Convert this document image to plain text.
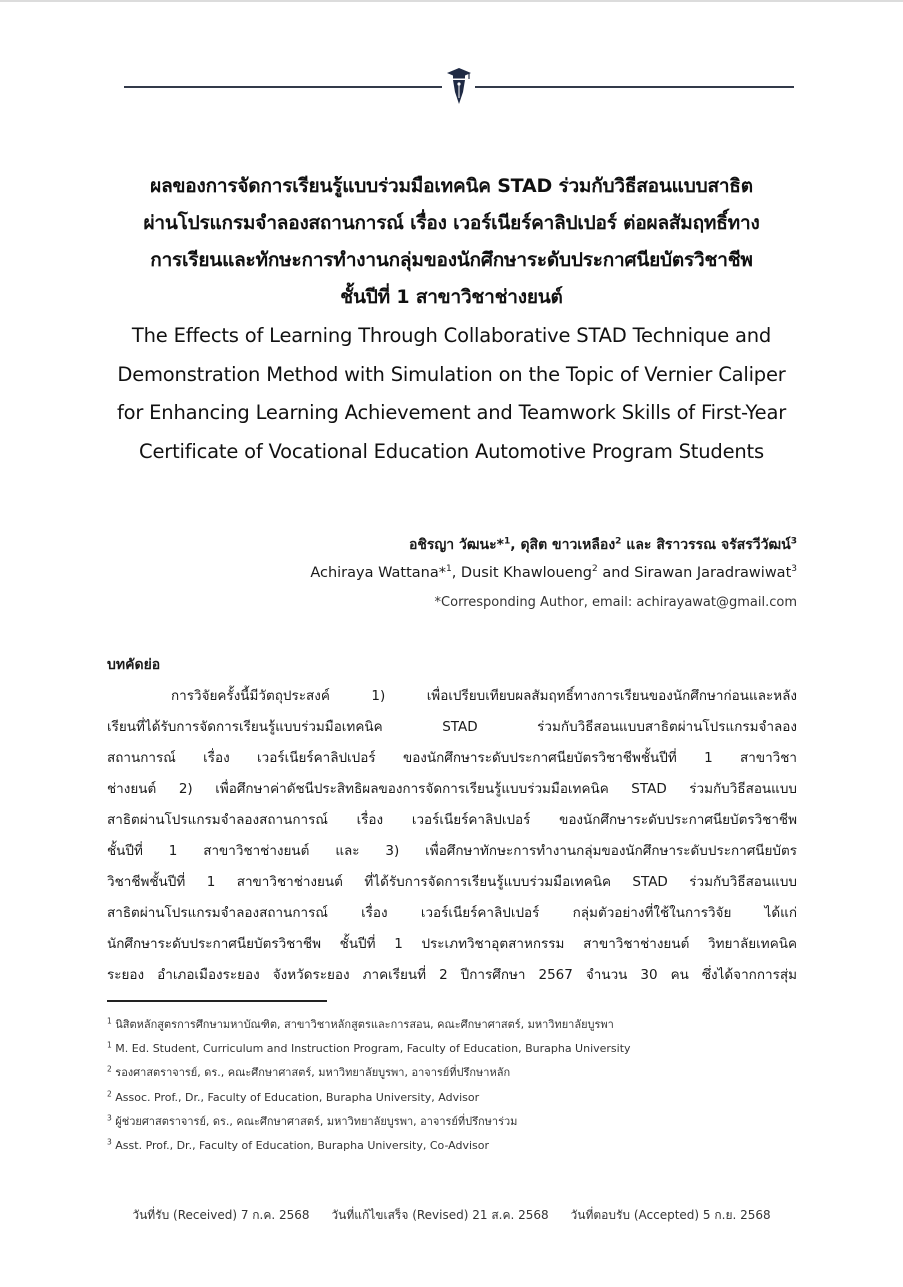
ผลของการจัดการเรียนรู้แบบร่วมมือเทคนิค STAD ร่วมกับวิธีสอนแบบสาธิต
ผ่านโปรแกรมจำลองสถานการณ์ เรื่อง เวอร์เนียร์คาลิปเปอร์ ต่อผลสัมฤทธิ์ทาง
การเรียนและทักษะการทำงานกลุ่มของนักศึกษาระดับประกาศนียบัตรวิชาชีพ
ชั้นปีที่ 1 สาขาวิชาช่างยนต์
The Effects of Learning Through Collaborative STAD Technique and
Demonstration Method with Simulation on the Topic of Vernier Caliper
for Enhancing Learning Achievement and Teamwork Skills of First-Year
Certificate of Vocational Education Automotive Program Students
อชิรญา วัฒนะ*$^1$, ดุสิต ขาวเหลือง$^2$ และ สิราวรรณ จรัสรวีวัฒน์$^3$
Achiraya Wattana*$^1$, Dusit Khawloueng$^2$ and Sirawan Jaradrawiwat$^3$
*Corresponding Author, email: achirayawat@gmail.com
บทคัดย่อ
การวิจัยครั้งนี้มีวัตถุประสงค์ 1) เพื่อเปรียบเทียบผลสัมฤทธิ์ทางการเรียนของนักศึกษาก่อนและหลัง
เรียนที่ได้รับการจัดการเรียนรู้แบบร่วมมือเทคนิค STAD ร่วมกับวิธีสอนแบบสาธิตผ่านโปรแกรมจำลอง
สถานการณ์ เรื่อง เวอร์เนียร์คาลิปเปอร์ ของนักศึกษาระดับประกาศนียบัตรวิชาชีพชั้นปีที่ 1 สาขาวิชา
ช่างยนต์ 2) เพื่อศึกษาค่าดัชนีประสิทธิผลของการจัดการเรียนรู้แบบร่วมมือเทคนิค STAD ร่วมกับวิธีสอนแบบ
สาธิตผ่านโปรแกรมจำลองสถานการณ์ เรื่อง เวอร์เนียร์คาลิปเปอร์ ของนักศึกษาระดับประกาศนียบัตรวิชาชีพ
ชั้นปีที่ 1 สาขาวิชาช่างยนต์ และ 3) เพื่อศึกษาทักษะการทำงานกลุ่มของนักศึกษาระดับประกาศนียบัตร
วิชาชีพชั้นปีที่ 1 สาขาวิชาช่างยนต์ ที่ได้รับการจัดการเรียนรู้แบบร่วมมือเทคนิค STAD ร่วมกับวิธีสอนแบบ
สาธิตผ่านโปรแกรมจำลองสถานการณ์ เรื่อง เวอร์เนียร์คาลิปเปอร์ กลุ่มตัวอย่างที่ใช้ในการวิจัย ได้แก่
นักศึกษาระดับประกาศนียบัตรวิชาชีพ ชั้นปีที่ 1 ประเภทวิชาอุตสาหกรรม สาขาวิชาช่างยนต์ วิทยาลัยเทคนิค
ระยอง อำเภอเมืองระยอง จังหวัดระยอง ภาคเรียนที่ 2 ปีการศึกษา 2567 จำนวน 30 คน ซึ่งได้จากการสุ่ม
$^1$ นิสิตหลักสูตรการศึกษามหาบัณฑิต, สาขาวิชาหลักสูตรและการสอน, คณะศึกษาศาสตร์, มหาวิทยาลัยบูรพา
$^1$ M. Ed. Student, Curriculum and Instruction Program, Faculty of Education, Burapha University
$^2$ รองศาสตราจารย์, ดร., คณะศึกษาศาสตร์, มหาวิทยาลัยบูรพา, อาจารย์ที่ปรึกษาหลัก
$^2$ Assoc. Prof., Dr., Faculty of Education, Burapha University, Advisor
$^3$ ผู้ช่วยศาสตราจารย์, ดร., คณะศึกษาศาสตร์, มหาวิทยาลัยบูรพา, อาจารย์ที่ปรึกษาร่วม
$^3$ Asst. Prof., Dr., Faculty of Education, Burapha University, Co-Advisor
วันที่รับ (Received) 7 ก.ค. 2568 วันที่แก้ไขเสร็จ (Revised) 21 ส.ค. 2568 วันที่ตอบรับ (Accepted) 5 ก.ย. 2568
